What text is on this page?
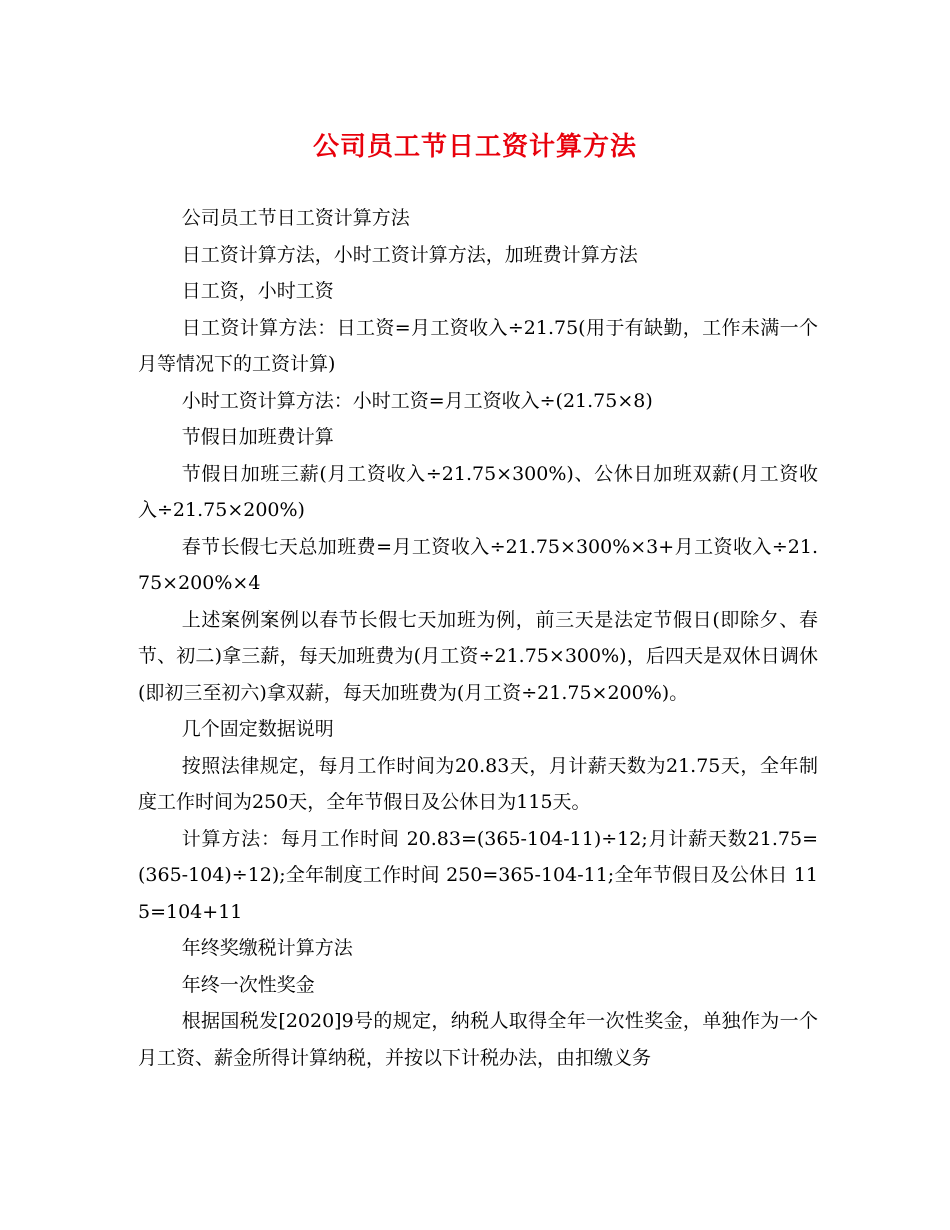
公司员工节日工资计算方法

公司员工节日工资计算方法

日工资计算方法，小时工资计算方法，加班费计算方法

日工资，小时工资

日工资计算方法：日工资=月工资收入÷21.75(用于有缺勤，工作未满一个月等情况下的工资计算)

小时工资计算方法：小时工资=月工资收入÷(21.75×8)

节假日加班费计算

节假日加班三薪(月工资收入÷21.75×300%)、公休日加班双薪(月工资收入÷21.75×200%)

春节长假七天总加班费=月工资收入÷21.75×300%×3+月工资收入÷21.75×200%×4

上述案例案例以春节长假七天加班为例，前三天是法定节假日(即除夕、春节、初二)拿三薪，每天加班费为(月工资÷21.75×300%)，后四天是双休日调休(即初三至初六)拿双薪，每天加班费为(月工资÷21.75×200%)。

几个固定数据说明

按照法律规定，每月工作时间为20.83天，月计薪天数为21.75天，全年制度工作时间为250天，全年节假日及公休日为115天。

计算方法：每月工作时间 20.83=(365-104-11)÷12;月计薪天数21.75=(365-104)÷12);全年制度工作时间 250=365-104-11;全年节假日及公休日 115=104+11

年终奖缴税计算方法

年终一次性奖金

根据国税发[2020]9号的规定，纳税人取得全年一次性奖金，单独作为一个月工资、薪金所得计算纳税，并按以下计税办法，由扣缴义务
